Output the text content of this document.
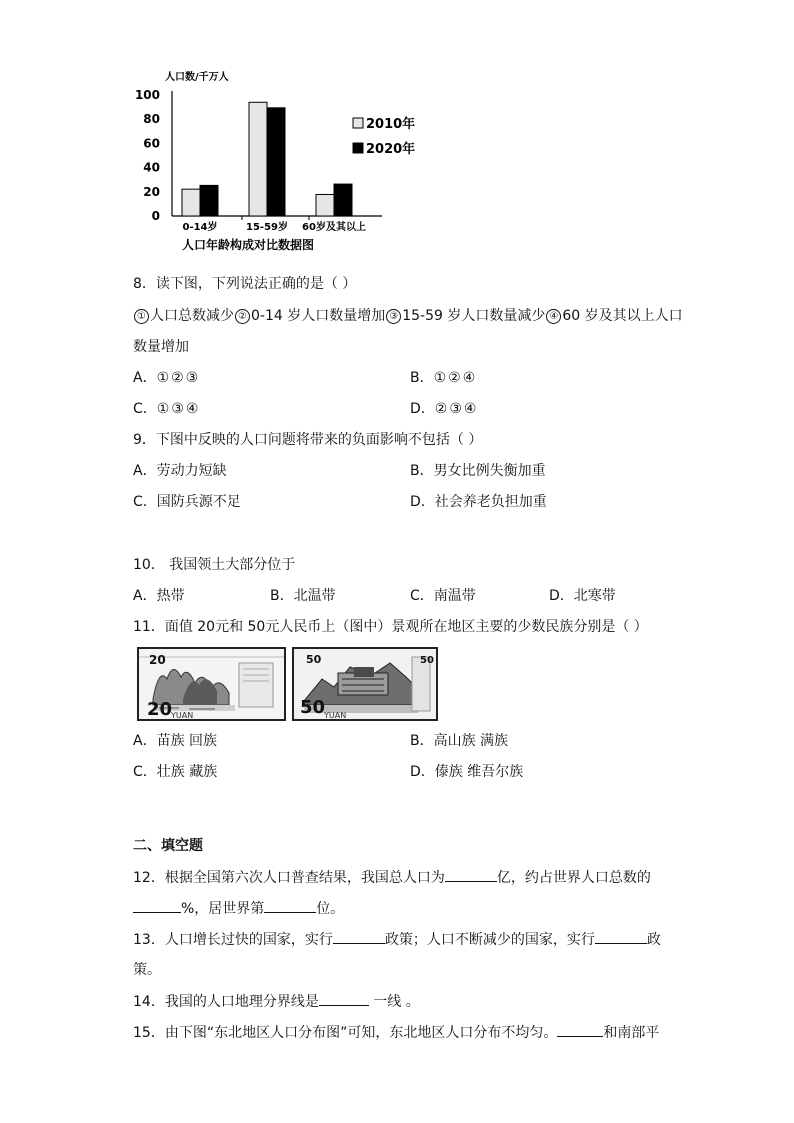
人口数/千万人
0
20
40
60
80
100
0-14岁	15-59岁 60岁及其以上
2010年
2020年
人口年龄构成对比数据图
8．读下图，下列说法正确的是（ ）
① 人口总数减少 ② 0-14 岁人口数量增加 ③ 15-59 岁人口数量减少 ④ 60 岁及其以上人口
数量增加
A．①②③	B．①②④
C．①③④	D．②③④
9．下图中反映的人口问题将带来的负面影响不包括（ ）
A．劳动力短缺	B．男女比例失衡加重
C．国防兵源不足	D．社会养老负担加重
10． 我国领土大部分位于
A．热带	B．北温带	C．南温带	D．北寒带
11．面值 20元和 50元人民币上（图中）景观所在地区主要的少数民族分别是（ ）
20
20
YUAN
50
50
YUAN
50
A．苗族 回族	B．高山族 满族
C．壮族 藏族	D．傣族 维吾尔族
二、填空题
12．根据全国第六次人口普查结果，我国总人口为	亿，约占世界人口总数的
%，居世界第	位。
13．人口增长过快的国家，实行	政策；人口不断减少的国家，实行	政
策。
14．我国的人口地理分界线是	一线 。
15．由下图“东北地区人口分布图”可知，东北地区人口分布不均匀。	和南部平
